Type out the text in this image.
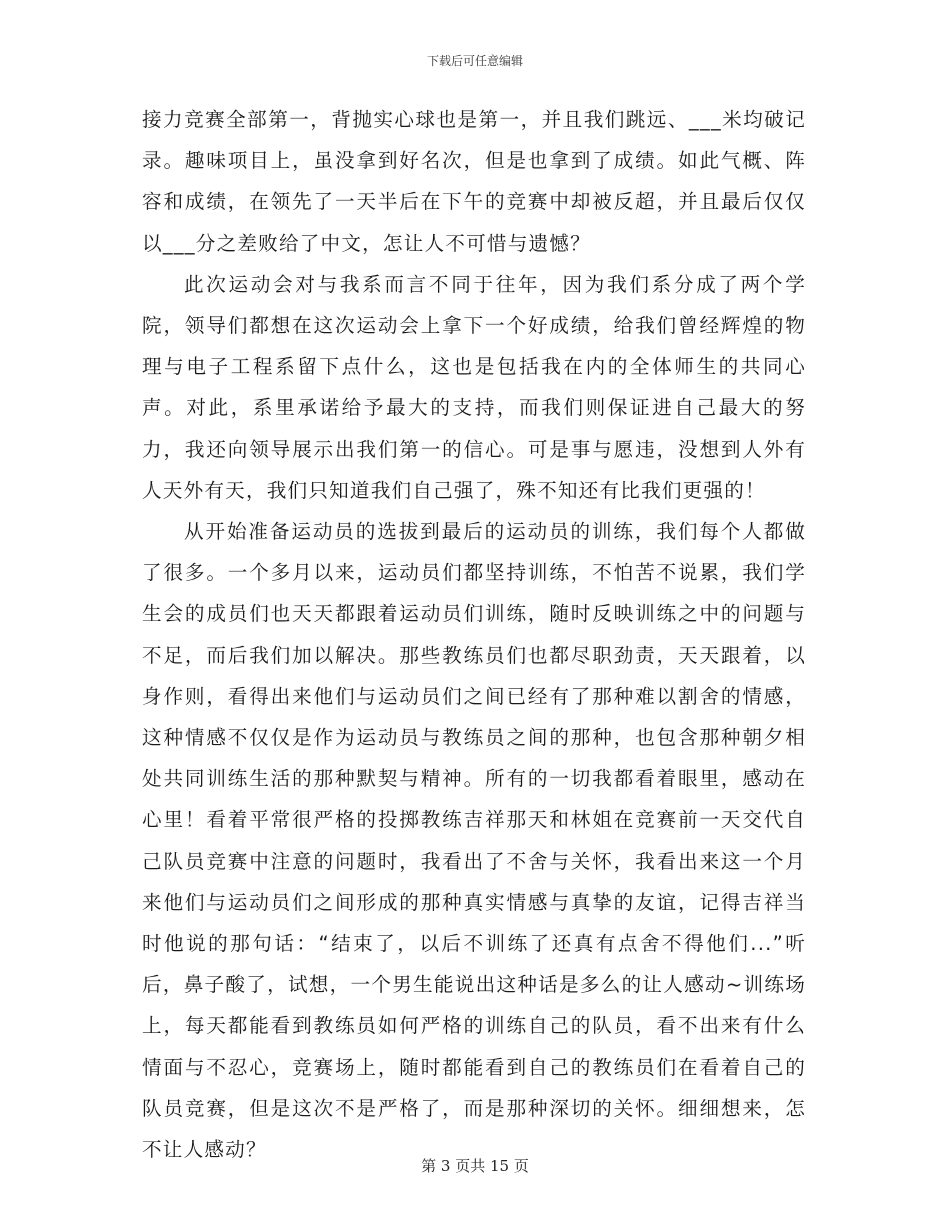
下载后可任意编辑

接力竞赛全部第一，背抛实心球也是第一，并且我们跳远、___米均破记录。趣味项目上，虽没拿到好名次，但是也拿到了成绩。如此气概、阵容和成绩，在领先了一天半后在下午的竞赛中却被反超，并且最后仅仅以___分之差败给了中文，怎让人不可惜与遗憾？

此次运动会对与我系而言不同于往年，因为我们系分成了两个学院，领导们都想在这次运动会上拿下一个好成绩，给我们曾经辉煌的物理与电子工程系留下点什么，这也是包括我在内的全体师生的共同心声。对此，系里承诺给予最大的支持，而我们则保证进自己最大的努力，我还向领导展示出我们第一的信心。可是事与愿违，没想到人外有人天外有天，我们只知道我们自己强了，殊不知还有比我们更强的！

从开始准备运动员的选拔到最后的运动员的训练，我们每个人都做了很多。一个多月以来，运动员们都坚持训练，不怕苦不说累，我们学生会的成员们也天天都跟着运动员们训练，随时反映训练之中的问题与不足，而后我们加以解决。那些教练员们也都尽职劲责，天天跟着，以身作则，看得出来他们与运动员们之间已经有了那种难以割舍的情感，这种情感不仅仅是作为运动员与教练员之间的那种，也包含那种朝夕相处共同训练生活的那种默契与精神。所有的一切我都看着眼里，感动在心里！看着平常很严格的投掷教练吉祥那天和林姐在竞赛前一天交代自己队员竞赛中注意的问题时，我看出了不舍与关怀，我看出来这一个月来他们与运动员们之间形成的那种真实情感与真挚的友谊，记得吉祥当时他说的那句话：“结束了，以后不训练了还真有点舍不得他们...”听后，鼻子酸了，试想，一个男生能说出这种话是多么的让人感动~训练场上，每天都能看到教练员如何严格的训练自己的队员，看不出来有什么情面与不忍心，竞赛场上，随时都能看到自己的教练员们在看着自己的队员竞赛，但是这次不是严格了，而是那种深切的关怀。细细想来，怎不让人感动？

第 3 页共 15 页
